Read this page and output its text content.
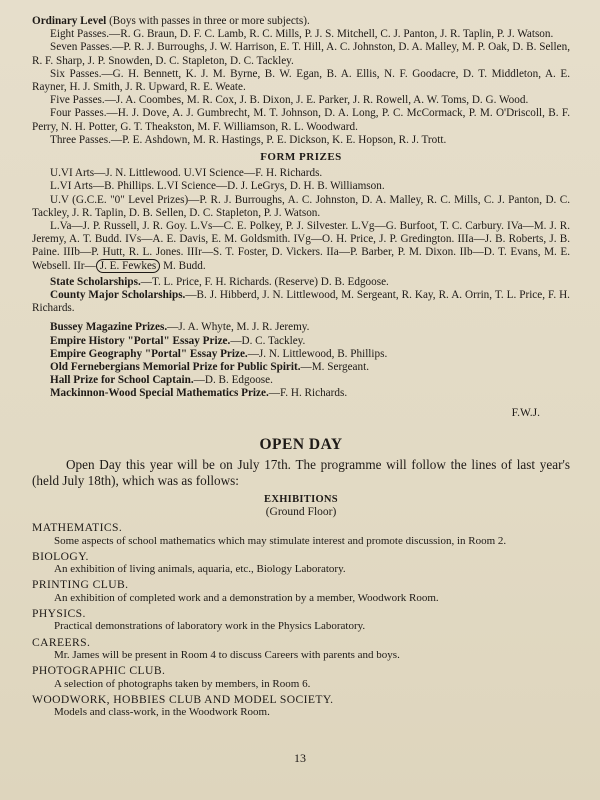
Ordinary Level (Boys with passes in three or more subjects).

Eight Passes.—R. G. Braun, D. F. C. Lamb, R. C. Mills, P. J. S. Mitchell, C. J. Panton, J. R. Taplin, P. J. Watson.

Seven Passes.—P. R. J. Burroughs, J. W. Harrison, E. T. Hill, A. C. Johnston, D. A. Malley, M. P. Oak, D. B. Sellen, R. F. Sharp, J. P. Snowden, D. C. Stapleton, D. C. Tackley.

Six Passes.—G. H. Bennett, K. J. M. Byrne, B. W. Egan, B. A. Ellis, N. F. Goodacre, D. T. Middleton, A. E. Rayner, H. J. Smith, J. R. Upward, R. E. Weate.

Five Passes.—J. A. Coombes, M. R. Cox, J. B. Dixon, J. E. Parker, J. R. Rowell, A. W. Toms, D. G. Wood.

Four Passes.—H. J. Dove, A. J. Gumbrecht, M. T. Johnson, D. A. Long, P. C. McCormack, P. M. O'Driscoll, B. F. Perry, N. H. Potter, G. T. Theakston, M. F. Williamson, R. L. Woodward.

Three Passes.—P. E. Ashdown, M. R. Hastings, P. E. Dickson, K. E. Hopson, R. J. Trott.

FORM PRIZES

U.VI Arts—J. N. Littlewood. U.VI Science—F. H. Richards.

L.VI Arts—B. Phillips. L.VI Science—D. J. LeGrys, D. H. B. Williamson.

U.V (G.C.E. "0" Level Prizes)—P. R. J. Burroughs, A. C. Johnston, D. A. Malley, R. C. Mills, C. J. Panton, D. C. Tackley, J. R. Taplin, D. B. Sellen, D. C. Stapleton, P. J. Watson.

L.Va—J. P. Russell, J. R. Goy. L.Vs—C. E. Polkey, P. J. Silvester. L.Vg—G. Burfoot, T. C. Carbury. IVa—M. J. R. Jeremy, A. T. Budd. IVs—A. E. Davis, E. M. Goldsmith. IVg—O. H. Price, J. P. Gredington. IIIa—J. B. Roberts, J. B. Paine. IIIb—P. Hutt, R. L. Jones. IIIr—S. T. Foster, D. Vickers. IIa—P. Barber, P. M. Dixon. IIb—D. T. Evans, M. E. Websell. IIr— J. E. Fewkes M. Budd.

State Scholarships.—T. L. Price, F. H. Richards. (Reserve) D. B. Edgoose.

County Major Scholarships.—B. J. Hibberd, J. N. Littlewood, M. Sergeant, R. Kay, R. A. Orrin, T. L. Price, F. H. Richards.

Bussey Magazine Prizes.—J. A. Whyte, M. J. R. Jeremy.

Empire History "Portal" Essay Prize.—D. C. Tackley.

Empire Geography "Portal" Essay Prize.—J. N. Littlewood, B. Phillips.

Old Fernebergians Memorial Prize for Public Spirit.—M. Sergeant.

Hall Prize for School Captain.—D. B. Edgoose.

Mackinnon-Wood Special Mathematics Prize.—F. H. Richards.

F.W.J.
OPEN DAY

Open Day this year will be on July 17th. The programme will follow the lines of last year's (held July 18th), which was as follows:

EXHIBITIONS
(Ground Floor)
MATHEMATICS.

Some aspects of school mathematics which may stimulate interest and promote discussion, in Room 2.

BIOLOGY.

An exhibition of living animals, aquaria, etc., Biology Laboratory.

PRINTING CLUB.

An exhibition of completed work and a demonstration by a member, Woodwork Room.

PHYSICS.

Practical demonstrations of laboratory work in the Physics Laboratory.

CAREERS.

Mr. James will be present in Room 4 to discuss Careers with parents and boys.

PHOTOGRAPHIC CLUB.

A selection of photographs taken by members, in Room 6.

WOODWORK, HOBBIES CLUB AND MODEL SOCIETY.

Models and class-work, in the Woodwork Room.

13
